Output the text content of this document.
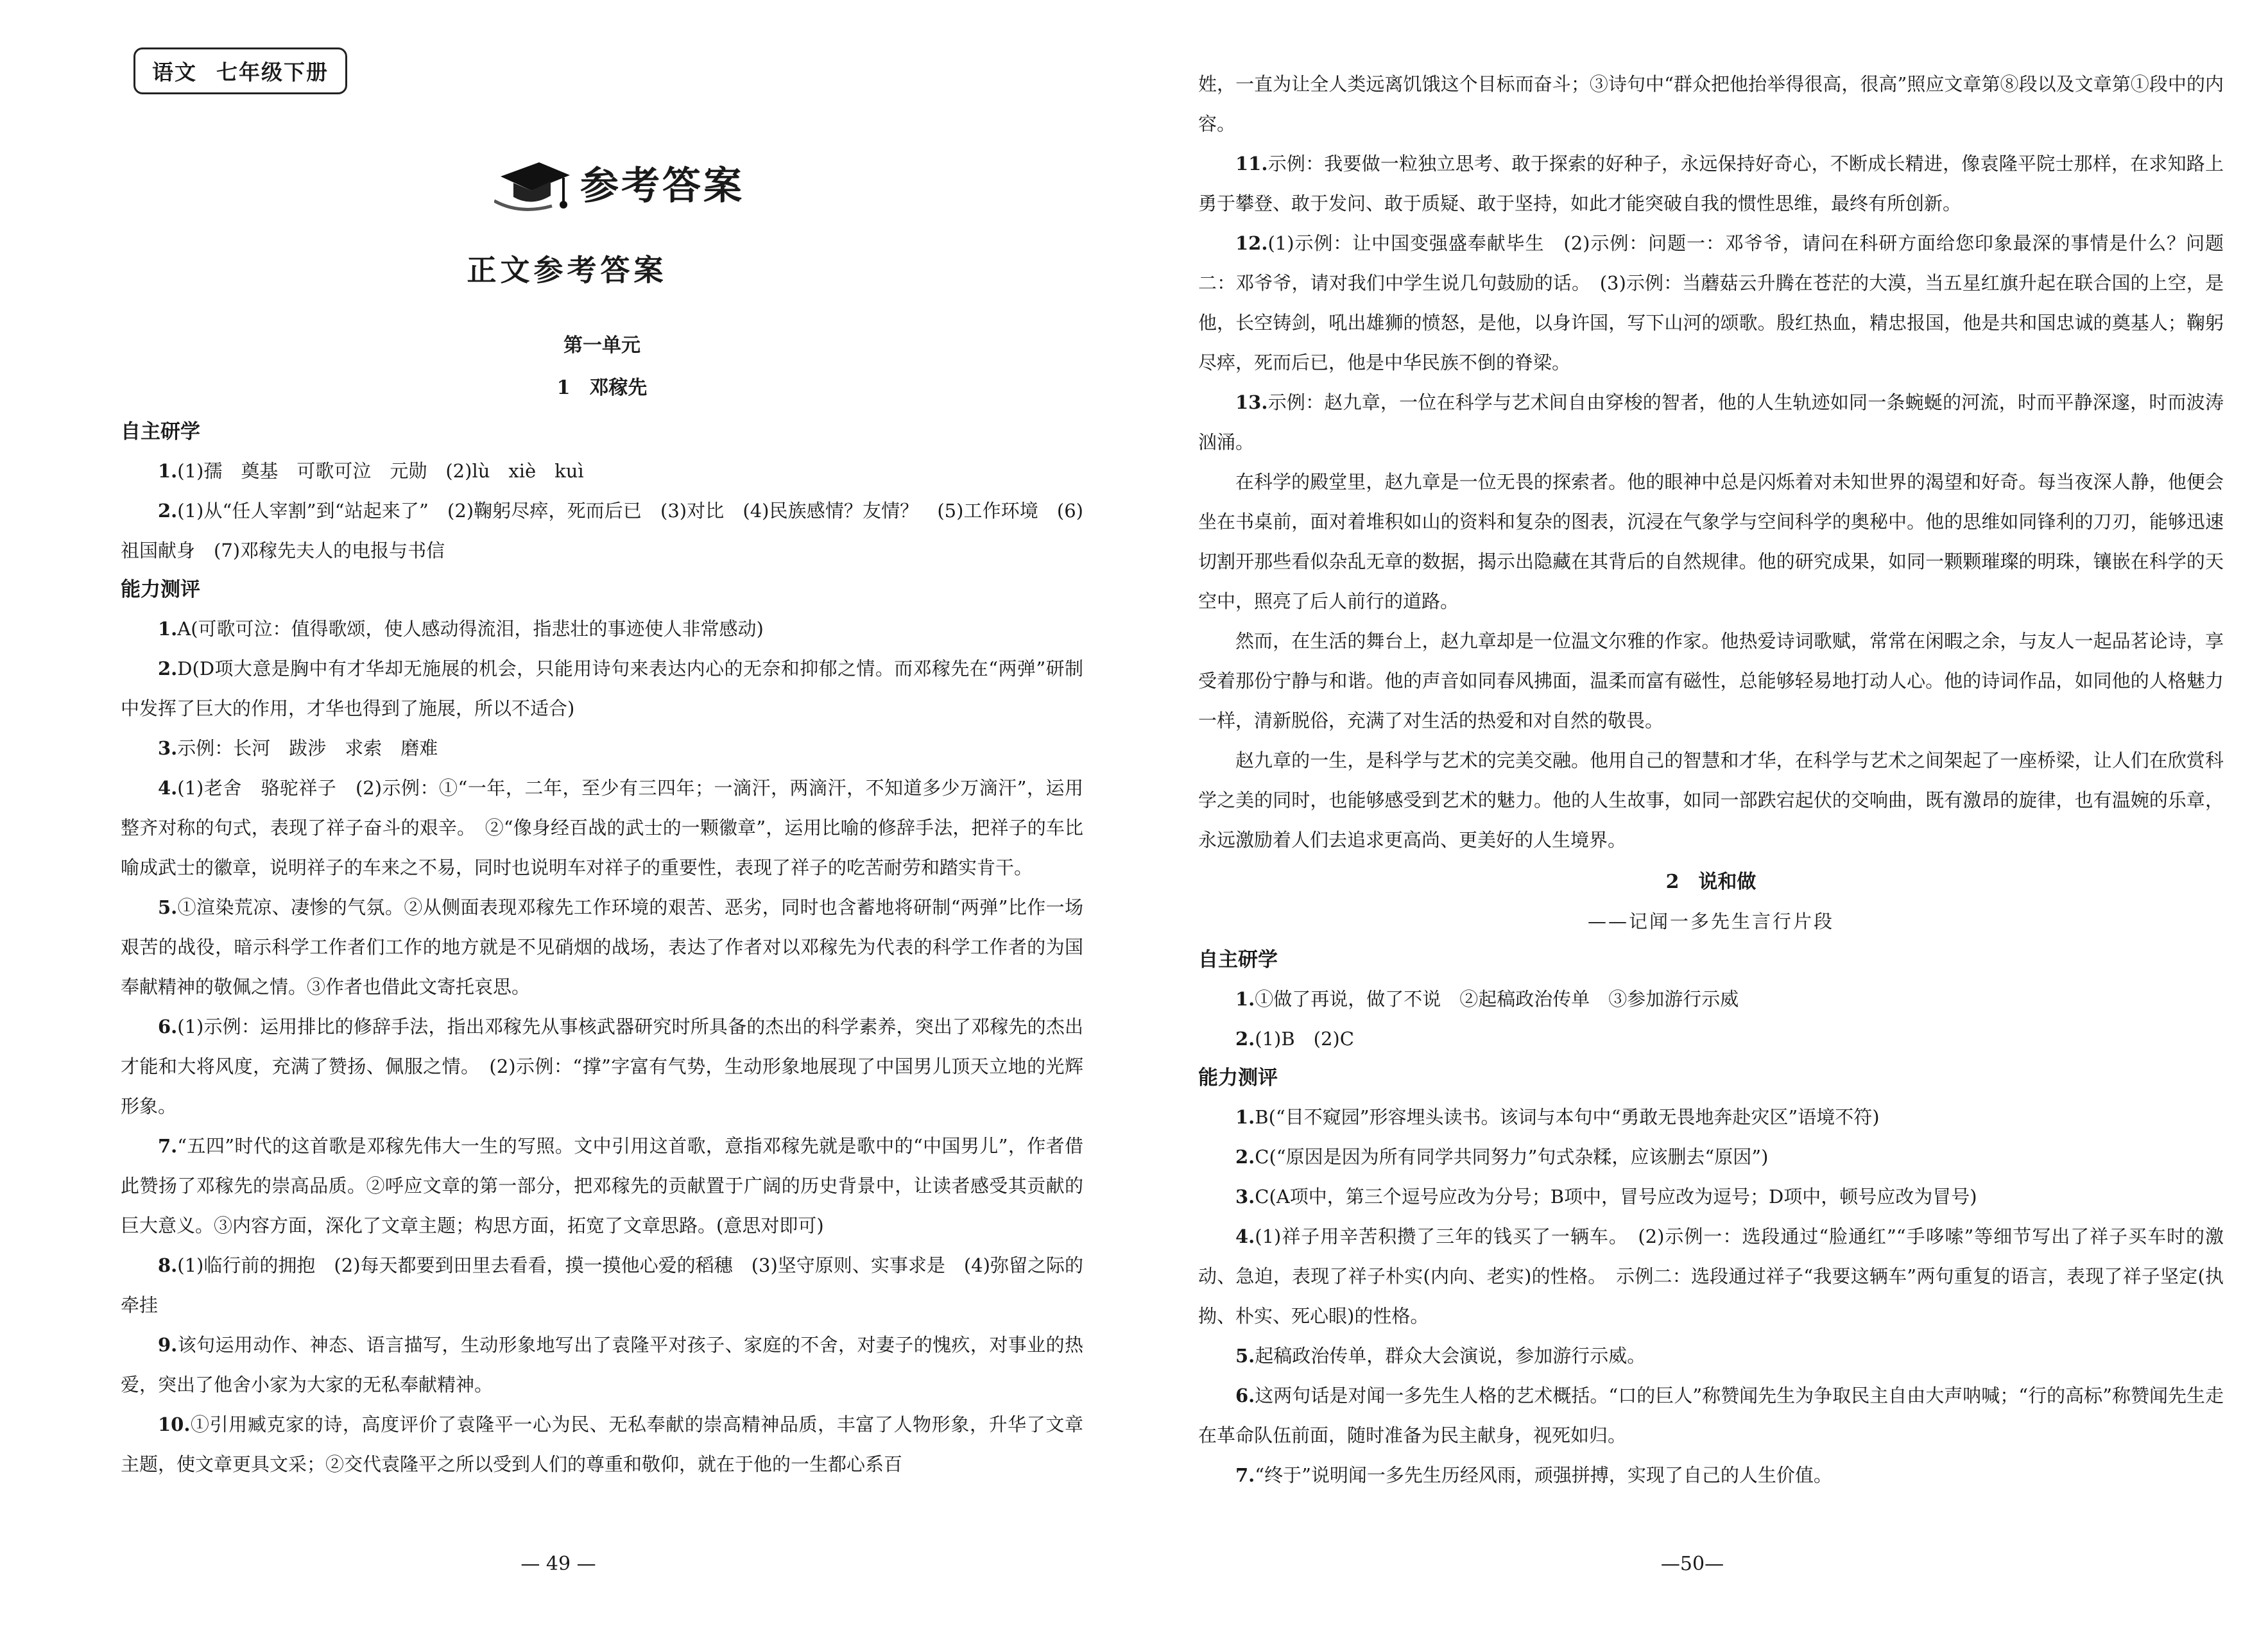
语文 七年级下册
参考答案
正文参考答案

第一单元

1　邓稼先

自主研学

1.(1)孺　奠基　可歌可泣　元勋　(2)lù　xiè　kuì

2.(1)从“任人宰割”到“站起来了”　(2)鞠躬尽瘁，死而后已　(3)对比　(4)民族感情？友情？　(5)工作环境　(6)祖国献身　(7)邓稼先夫人的电报与书信

能力测评

1.A(可歌可泣：值得歌颂，使人感动得流泪，指悲壮的事迹使人非常感动)

2.D(D项大意是胸中有才华却无施展的机会，只能用诗句来表达内心的无奈和抑郁之情。而邓稼先在“两弹”研制中发挥了巨大的作用，才华也得到了施展，所以不适合)

3.示例：长河　跋涉　求索　磨难

4.(1)老舍　骆驼祥子　(2)示例：①“一年，二年，至少有三四年；一滴汗，两滴汗，不知道多少万滴汗”，运用整齐对称的句式，表现了祥子奋斗的艰辛。　②“像身经百战的武士的一颗徽章”，运用比喻的修辞手法，把祥子的车比喻成武士的徽章，说明祥子的车来之不易，同时也说明车对祥子的重要性，表现了祥子的吃苦耐劳和踏实肯干。

5.①渲染荒凉、凄惨的气氛。②从侧面表现邓稼先工作环境的艰苦、恶劣，同时也含蓄地将研制“两弹”比作一场艰苦的战役，暗示科学工作者们工作的地方就是不见硝烟的战场，表达了作者对以邓稼先为代表的科学工作者的为国奉献精神的敬佩之情。③作者也借此文寄托哀思。

6.(1)示例：运用排比的修辞手法，指出邓稼先从事核武器研究时所具备的杰出的科学素养，突出了邓稼先的杰出才能和大将风度，充满了赞扬、佩服之情。　(2)示例：“撑”字富有气势，生动形象地展现了中国男儿顶天立地的光辉形象。

7.“五四”时代的这首歌是邓稼先伟大一生的写照。文中引用这首歌，意指邓稼先就是歌中的“中国男儿”，作者借此赞扬了邓稼先的崇高品质。②呼应文章的第一部分，把邓稼先的贡献置于广阔的历史背景中，让读者感受其贡献的巨大意义。③内容方面，深化了文章主题；构思方面，拓宽了文章思路。(意思对即可)

8.(1)临行前的拥抱　(2)每天都要到田里去看看，摸一摸他心爱的稻穗　(3)坚守原则、实事求是　(4)弥留之际的牵挂

9.该句运用动作、神态、语言描写，生动形象地写出了袁隆平对孩子、家庭的不舍，对妻子的愧疚，对事业的热爱，突出了他舍小家为大家的无私奉献精神。

10.①引用臧克家的诗，高度评价了袁隆平一心为民、无私奉献的崇高精神品质，丰富了人物形象，升华了文章主题，使文章更具文采；②交代袁隆平之所以受到人们的尊重和敬仰，就在于他的一生都心系百

— 49 —

姓，一直为让全人类远离饥饿这个目标而奋斗；③诗句中“群众把他抬举得很高，很高”照应文章第⑧段以及文章第①段中的内容。

11.示例：我要做一粒独立思考、敢于探索的好种子，永远保持好奇心，不断成长精进，像袁隆平院士那样，在求知路上勇于攀登、敢于发问、敢于质疑、敢于坚持，如此才能突破自我的惯性思维，最终有所创新。

12.(1)示例：让中国变强盛奉献毕生　(2)示例：问题一：邓爷爷，请问在科研方面给您印象最深的事情是什么？问题二：邓爷爷，请对我们中学生说几句鼓励的话。　(3)示例：当蘑菇云升腾在苍茫的大漠，当五星红旗升起在联合国的上空，是他，长空铸剑，吼出雄狮的愤怒，是他，以身许国，写下山河的颂歌。殷红热血，精忠报国，他是共和国忠诚的奠基人；鞠躬尽瘁，死而后已，他是中华民族不倒的脊梁。

13.示例：赵九章，一位在科学与艺术间自由穿梭的智者，他的人生轨迹如同一条蜿蜒的河流，时而平静深邃，时而波涛汹涌。

在科学的殿堂里，赵九章是一位无畏的探索者。他的眼神中总是闪烁着对未知世界的渴望和好奇。每当夜深人静，他便会坐在书桌前，面对着堆积如山的资料和复杂的图表，沉浸在气象学与空间科学的奥秘中。他的思维如同锋利的刀刃，能够迅速切割开那些看似杂乱无章的数据，揭示出隐藏在其背后的自然规律。他的研究成果，如同一颗颗璀璨的明珠，镶嵌在科学的天空中，照亮了后人前行的道路。

然而，在生活的舞台上，赵九章却是一位温文尔雅的作家。他热爱诗词歌赋，常常在闲暇之余，与友人一起品茗论诗，享受着那份宁静与和谐。他的声音如同春风拂面，温柔而富有磁性，总能够轻易地打动人心。他的诗词作品，如同他的人格魅力一样，清新脱俗，充满了对生活的热爱和对自然的敬畏。

赵九章的一生，是科学与艺术的完美交融。他用自己的智慧和才华，在科学与艺术之间架起了一座桥梁，让人们在欣赏科学之美的同时，也能够感受到艺术的魅力。他的人生故事，如同一部跌宕起伏的交响曲，既有激昂的旋律，也有温婉的乐章，永远激励着人们去追求更高尚、更美好的人生境界。

2　说和做

——记闻一多先生言行片段

自主研学

1.①做了再说，做了不说　②起稿政治传单　③参加游行示威

2.(1)B　(2)C

能力测评

1.B(“目不窥园”形容埋头读书。该词与本句中“勇敢无畏地奔赴灾区”语境不符)

2.C(“原因是因为所有同学共同努力”句式杂糅，应该删去“原因”)

3.C(A项中，第三个逗号应改为分号；B项中，冒号应改为逗号；D项中，顿号应改为冒号)

4.(1)祥子用辛苦积攒了三年的钱买了一辆车。　(2)示例一：选段通过“脸通红”“手哆嗦”等细节写出了祥子买车时的激动、急迫，表现了祥子朴实(内向、老实)的性格。　示例二：选段通过祥子“我要这辆车”两句重复的语言，表现了祥子坚定(执拗、朴实、死心眼)的性格。

5.起稿政治传单，群众大会演说，参加游行示威。

6.这两句话是对闻一多先生人格的艺术概括。“口的巨人”称赞闻先生为争取民主自由大声呐喊；“行的高标”称赞闻先生走在革命队伍前面，随时准备为民主献身，视死如归。

7.“终于”说明闻一多先生历经风雨，顽强拼搏，实现了自己的人生价值。

—50—
